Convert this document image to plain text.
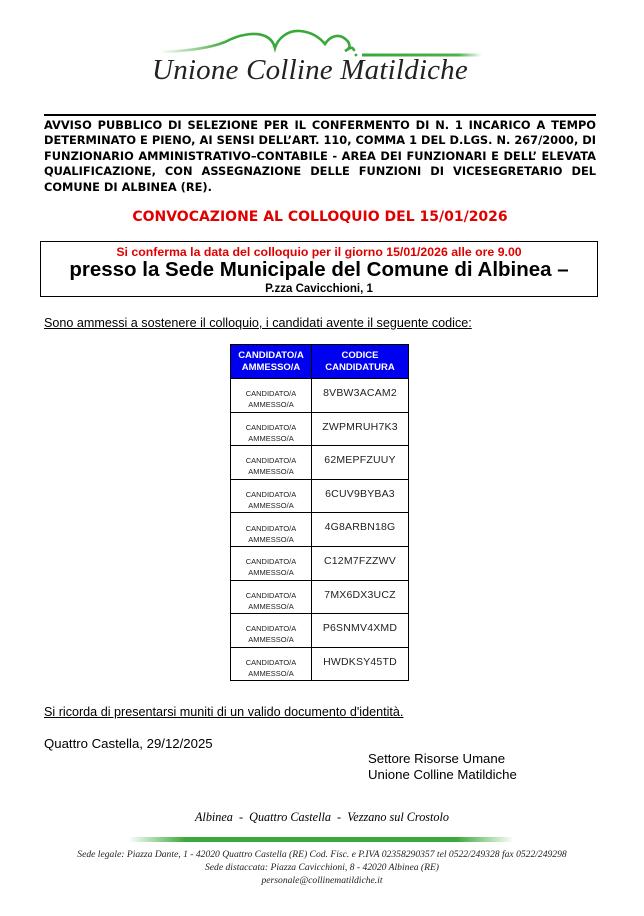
Unione Colline Matildiche
AVVISO PUBBLICO DI SELEZIONE PER IL CONFERMENTO DI N. 1 INCARICO A TEMPO DETERMINATO E PIENO, AI SENSI DELL’ART. 110, COMMA 1 DEL D.LGS. N. 267/2000, DI FUNZIONARIO AMMINISTRATIVO–CONTABILE - AREA DEI FUNZIONARI E DELL’ ELEVATA QUALIFICAZIONE, CON ASSEGNAZIONE DELLE FUNZIONI DI VICESEGRETARIO DEL COMUNE DI ALBINEA (RE).
CONVOCAZIONE AL COLLOQUIO DEL 15/01/2026
Si conferma la data del colloquio per il giorno 15/01/2026 alle ore 9.00
presso la Sede Municipale del Comune di Albinea –
P.zza Cavicchioni, 1
Sono ammessi a sostenere il colloquio, i candidati avente il seguente codice:
CANDIDATO/A AMMESSO/A	CODICE CANDIDATURA
CANDIDATO/A AMMESSO/A	8VBW3ACAM2
CANDIDATO/A AMMESSO/A	ZWPMRUH7K3
CANDIDATO/A AMMESSO/A	62MEPFZUUY
CANDIDATO/A AMMESSO/A	6CUV9BYBA3
CANDIDATO/A AMMESSO/A	4G8ARBN18G
CANDIDATO/A AMMESSO/A	C12M7FZZWV
CANDIDATO/A AMMESSO/A	7MX6DX3UCZ
CANDIDATO/A AMMESSO/A	P6SNMV4XMD
CANDIDATO/A AMMESSO/A	HWDKSY45TD
Si ricorda di presentarsi muniti di un valido documento d'identità.
Quattro Castella, 29/12/2025
Settore Risorse Umane
Unione Colline Matildiche
Albinea  -  Quattro Castella  -  Vezzano sul Crostolo
Sede legale: Piazza Dante, 1 - 42020 Quattro Castella (RE) Cod. Fisc. e P.IVA 02358290357 tel 0522/249328 fax 0522/249298
Sede distaccata: Piazza Cavicchioni, 8 - 42020 Albinea (RE)
personale@collinematildiche.it
